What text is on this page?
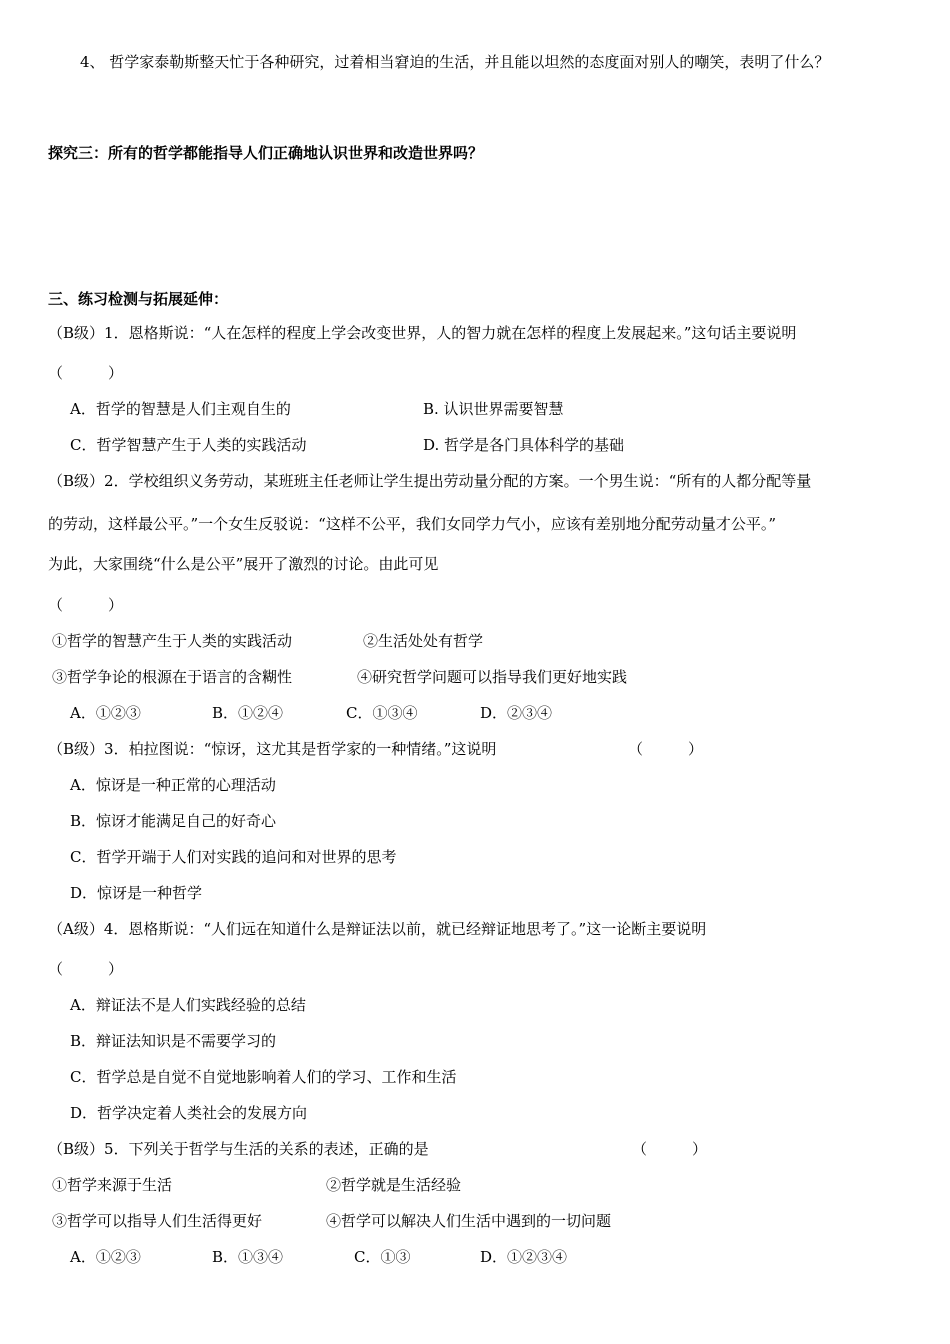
4、 哲学家泰勒斯整天忙于各种研究，过着相当窘迫的生活，并且能以坦然的态度面对别人的嘲笑，表明了什么？
探究三：所有的哲学都能指导人们正确地认识世界和改造世界吗？
三、练习检测与拓展延伸：
（B级）1．恩格斯说：“人在怎样的程度上学会改变世界，人的智力就在怎样的程度上发展起来。”这句话主要说明
（　　　）
A．哲学的智慧是人们主观自生的	B. 认识世界需要智慧
C．哲学智慧产生于人类的实践活动	D. 哲学是各门具体科学的基础
（B级）2．学校组织义务劳动，某班班主任老师让学生提出劳动量分配的方案。一个男生说：“所有的人都分配等量
的劳动，这样最公平。”一个女生反驳说：“这样不公平，我们女同学力气小，应该有差别地分配劳动量才公平。”
为此，大家围绕“什么是公平”展开了激烈的讨论。由此可见
（　　　）
①哲学的智慧产生于人类的实践活动	②生活处处有哲学
③哲学争论的根源在于语言的含糊性	④研究哲学问题可以指导我们更好地实践
A．①②③	B．①②④	C．①③④	D．②③④
（B级）3．柏拉图说：“惊讶，这尤其是哲学家的一种情绪。”这说明	（　　　）
A．惊讶是一种正常的心理活动
B．惊讶才能满足自己的好奇心
C．哲学开端于人们对实践的追问和对世界的思考
D．惊讶是一种哲学
（A级）4．恩格斯说：“人们远在知道什么是辩证法以前，就已经辩证地思考了。”这一论断主要说明
（　　　）
A．辩证法不是人们实践经验的总结
B．辩证法知识是不需要学习的
C．哲学总是自觉不自觉地影响着人们的学习、工作和生活
D．哲学决定着人类社会的发展方向
（B级）5．下列关于哲学与生活的关系的表述，正确的是	（　　　）
①哲学来源于生活	②哲学就是生活经验
③哲学可以指导人们生活得更好	④哲学可以解决人们生活中遇到的一切问题
A．①②③	B．①③④	C．①③	D．①②③④
